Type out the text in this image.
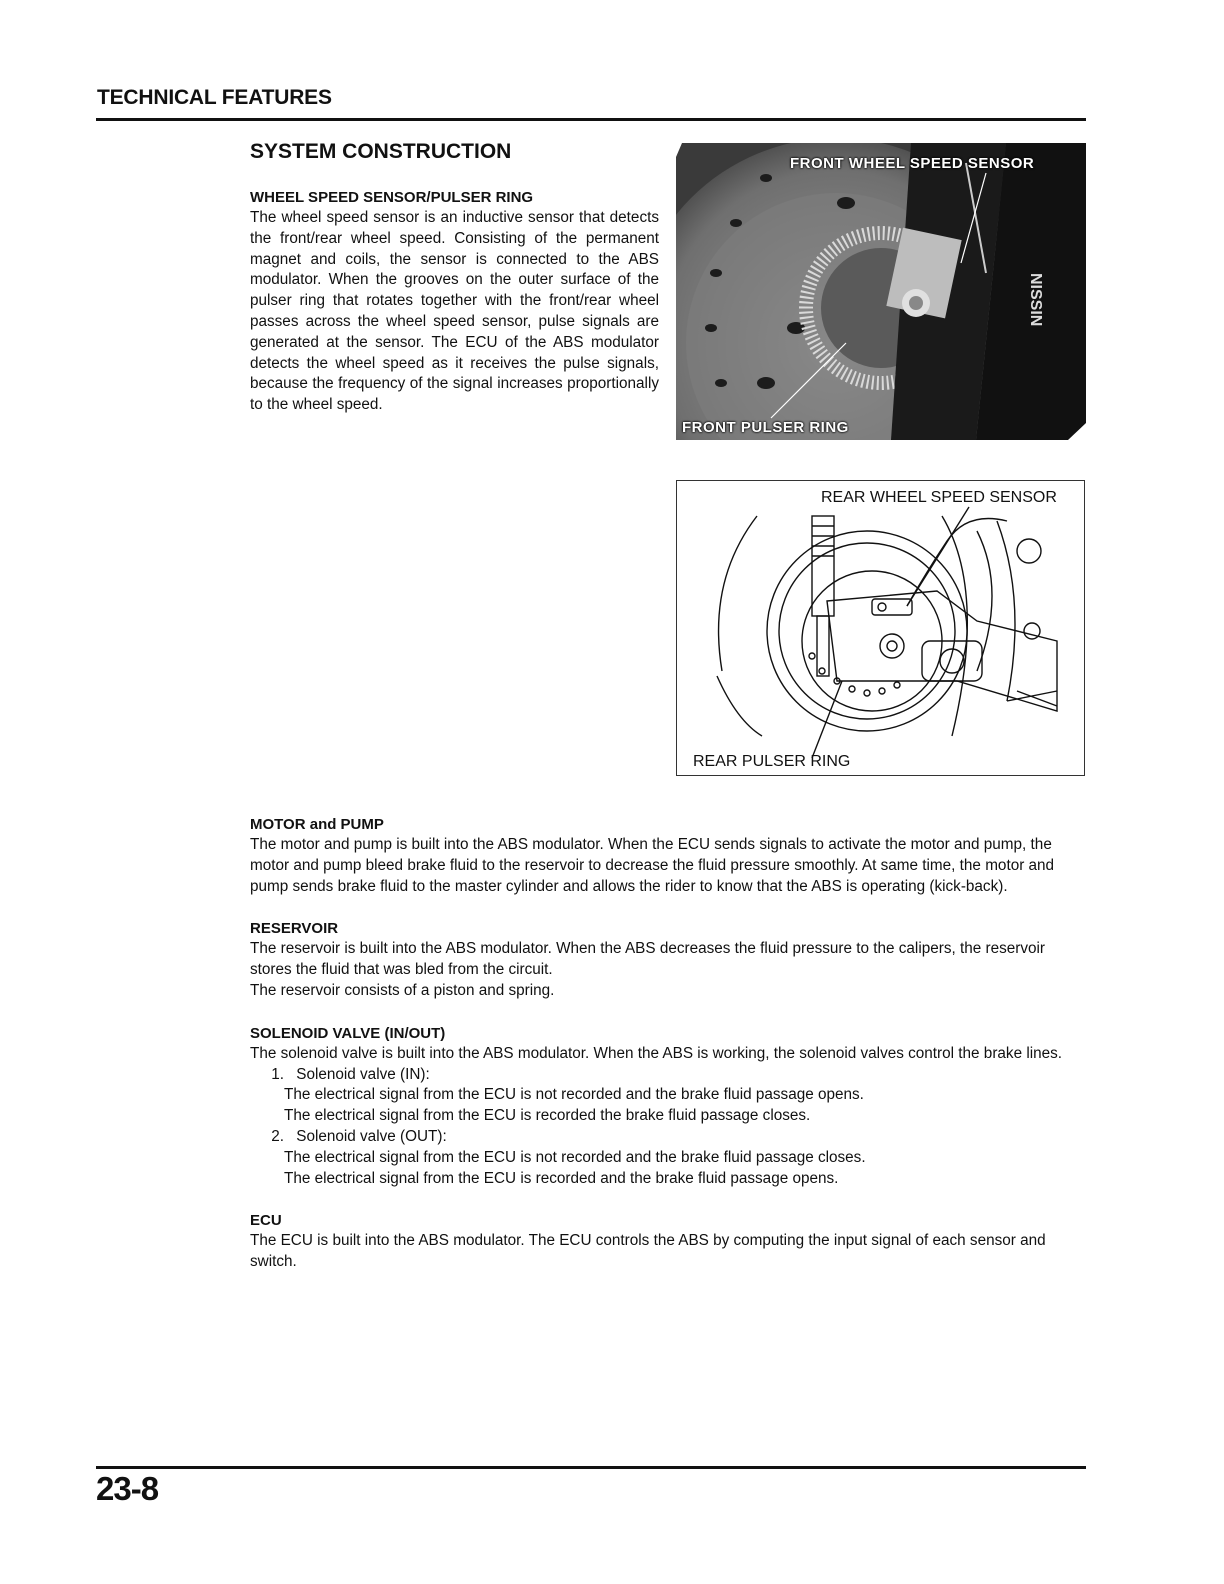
TECHNICAL FEATURES
SYSTEM CONSTRUCTION

WHEEL SPEED SENSOR/PULSER RING

The wheel speed sensor is an inductive sensor that detects the front/rear wheel speed. Consisting of the permanent magnet and coils, the sensor is connected to the ABS modulator. When the grooves on the outer surface of the pulser ring that rotates together with the front/rear wheel passes across the wheel speed sensor, pulse signals are generated at the sensor. The ECU of the ABS modulator detects the wheel speed as it receives the pulse signals, because the frequency of the signal increases proportionally to the wheel speed.

NISSIN
FRONT WHEEL SPEED SENSOR
FRONT PULSER RING
REAR WHEEL SPEED SENSOR
REAR PULSER RING

MOTOR and PUMP

The motor and pump is built into the ABS modulator. When the ECU sends signals to activate the motor and pump, the motor and pump bleed brake fluid to the reservoir to decrease the fluid pressure smoothly. At same time, the motor and pump sends brake fluid to the master cylinder and allows the rider to know that the ABS is operating (kick-back).

RESERVOIR

The reservoir is built into the ABS modulator. When the ABS decreases the fluid pressure to the calipers, the reservoir stores the fluid that was bled from the circuit.

The reservoir consists of a piston and spring.

SOLENOID VALVE (IN/OUT)

The solenoid valve is built into the ABS modulator. When the ABS is working, the solenoid valves control the brake lines.

1. Solenoid valve (IN):

The electrical signal from the ECU is not recorded and the brake fluid passage opens.

The electrical signal from the ECU is recorded the brake fluid passage closes.

2. Solenoid valve (OUT):

The electrical signal from the ECU is not recorded and the brake fluid passage closes.

The electrical signal from the ECU is recorded and the brake fluid passage opens.

ECU

The ECU is built into the ABS modulator. The ECU controls the ABS by computing the input signal of each sensor and switch.

23-8
